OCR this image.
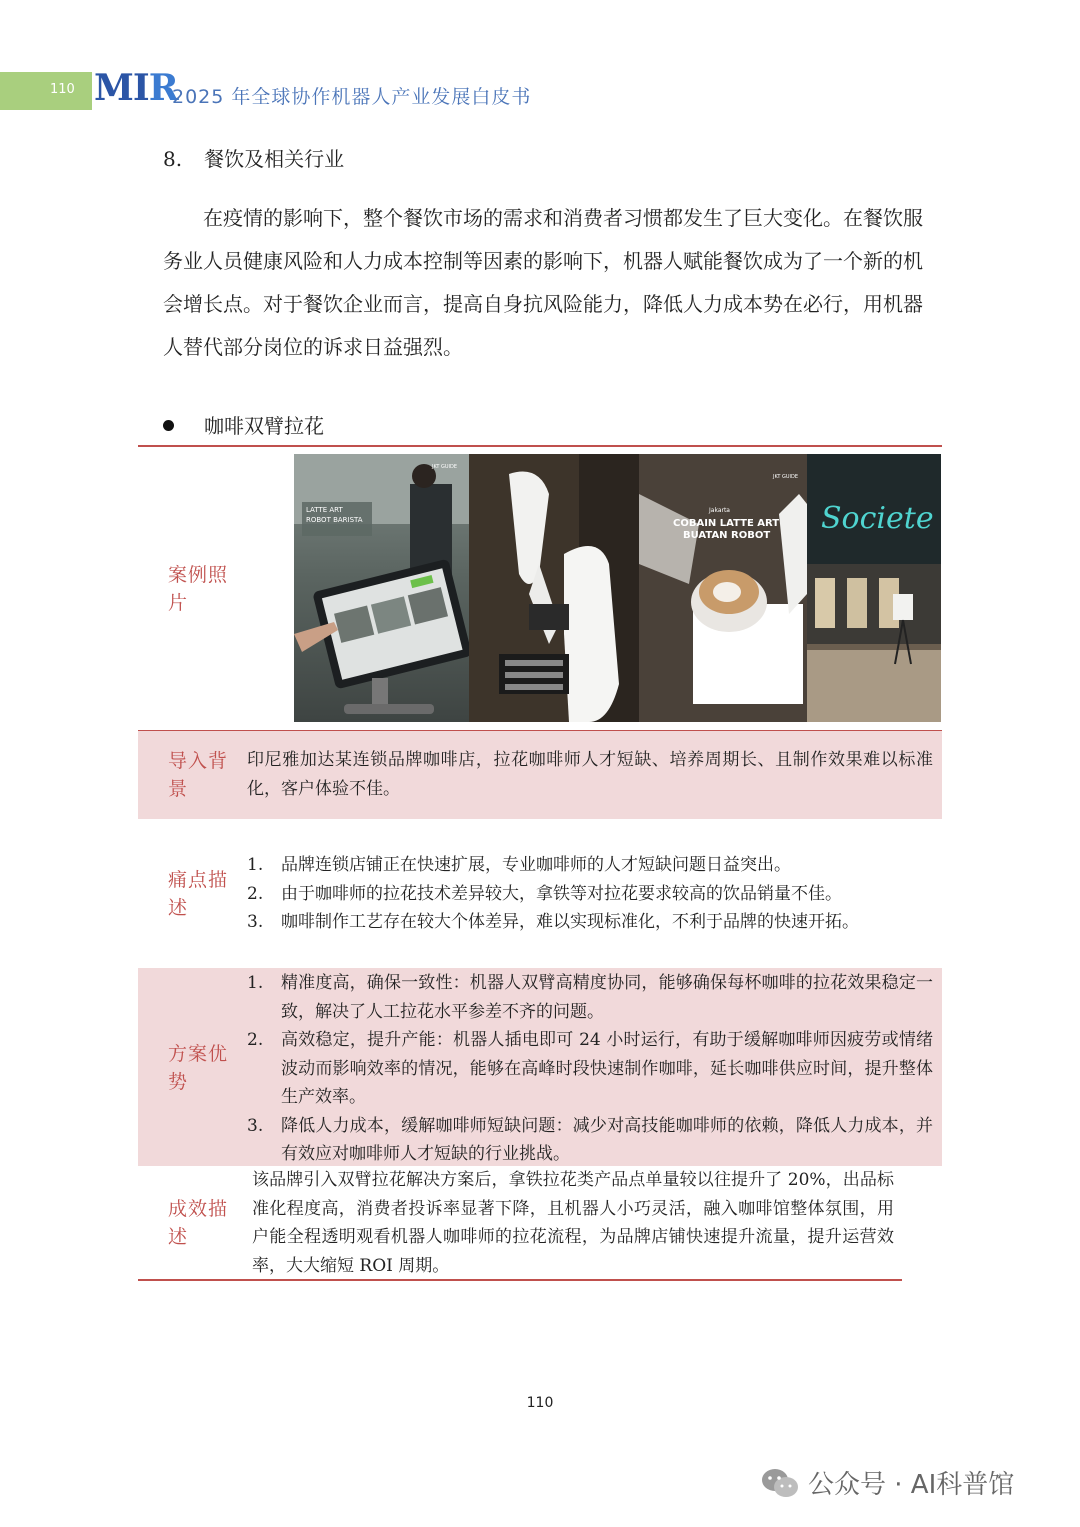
110 MIR
2025 年全球协作机器人产业发展白皮书
8. 餐饮及相关行业

在疫情的影响下，整个餐饮市场的需求和消费者习惯都发生了巨大变化。在餐饮服务业人员健康风险和人力成本控制等因素的影响下，机器人赋能餐饮成为了一个新的机会增长点。对于餐饮企业而言，提高自身抗风险能力，降低人力成本势在必行，用机器人替代部分岗位的诉求日益强烈。

咖啡双臂拉花
案例照片
LATTE ART
ROBOT BARISTA
JKT GUIDE
Jakarta
COBAIN LATTE ART
BUATAN ROBOT
JKT GUIDE
Societe
导入背景

印尼雅加达某连锁品牌咖啡店，拉花咖啡师人才短缺、培养周期长、且制作效果难以标准化，客户体验不佳。

痛点描述
1. 品牌连锁店铺正在快速扩展，专业咖啡师的人才短缺问题日益突出。
2. 由于咖啡师的拉花技术差异较大，拿铁等对拉花要求较高的饮品销量不佳。
3. 咖啡制作工艺存在较大个体差异，难以实现标准化，不利于品牌的快速开拓。
方案优势
1. 精准度高，确保一致性：机器人双臂高精度协同，能够确保每杯咖啡的拉花效果稳定一致，解决了人工拉花水平参差不齐的问题。
2. 高效稳定，提升产能：机器人插电即可 24 小时运行，有助于缓解咖啡师因疲劳或情绪波动而影响效率的情况，能够在高峰时段快速制作咖啡，延长咖啡供应时间，提升整体生产效率。
3. 降低人力成本，缓解咖啡师短缺问题：减少对高技能咖啡师的依赖，降低人力成本，并有效应对咖啡师人才短缺的行业挑战。
成效描述

该品牌引入双臂拉花解决方案后，拿铁拉花类产品点单量较以往提升了 20%，出品标准化程度高，消费者投诉率显著下降，且机器人小巧灵活，融入咖啡馆整体氛围，用户能全程透明观看机器人咖啡师的拉花流程，为品牌店铺快速提升流量，提升运营效率，大大缩短 ROI 周期。

110
公众号 · AI科普馆
